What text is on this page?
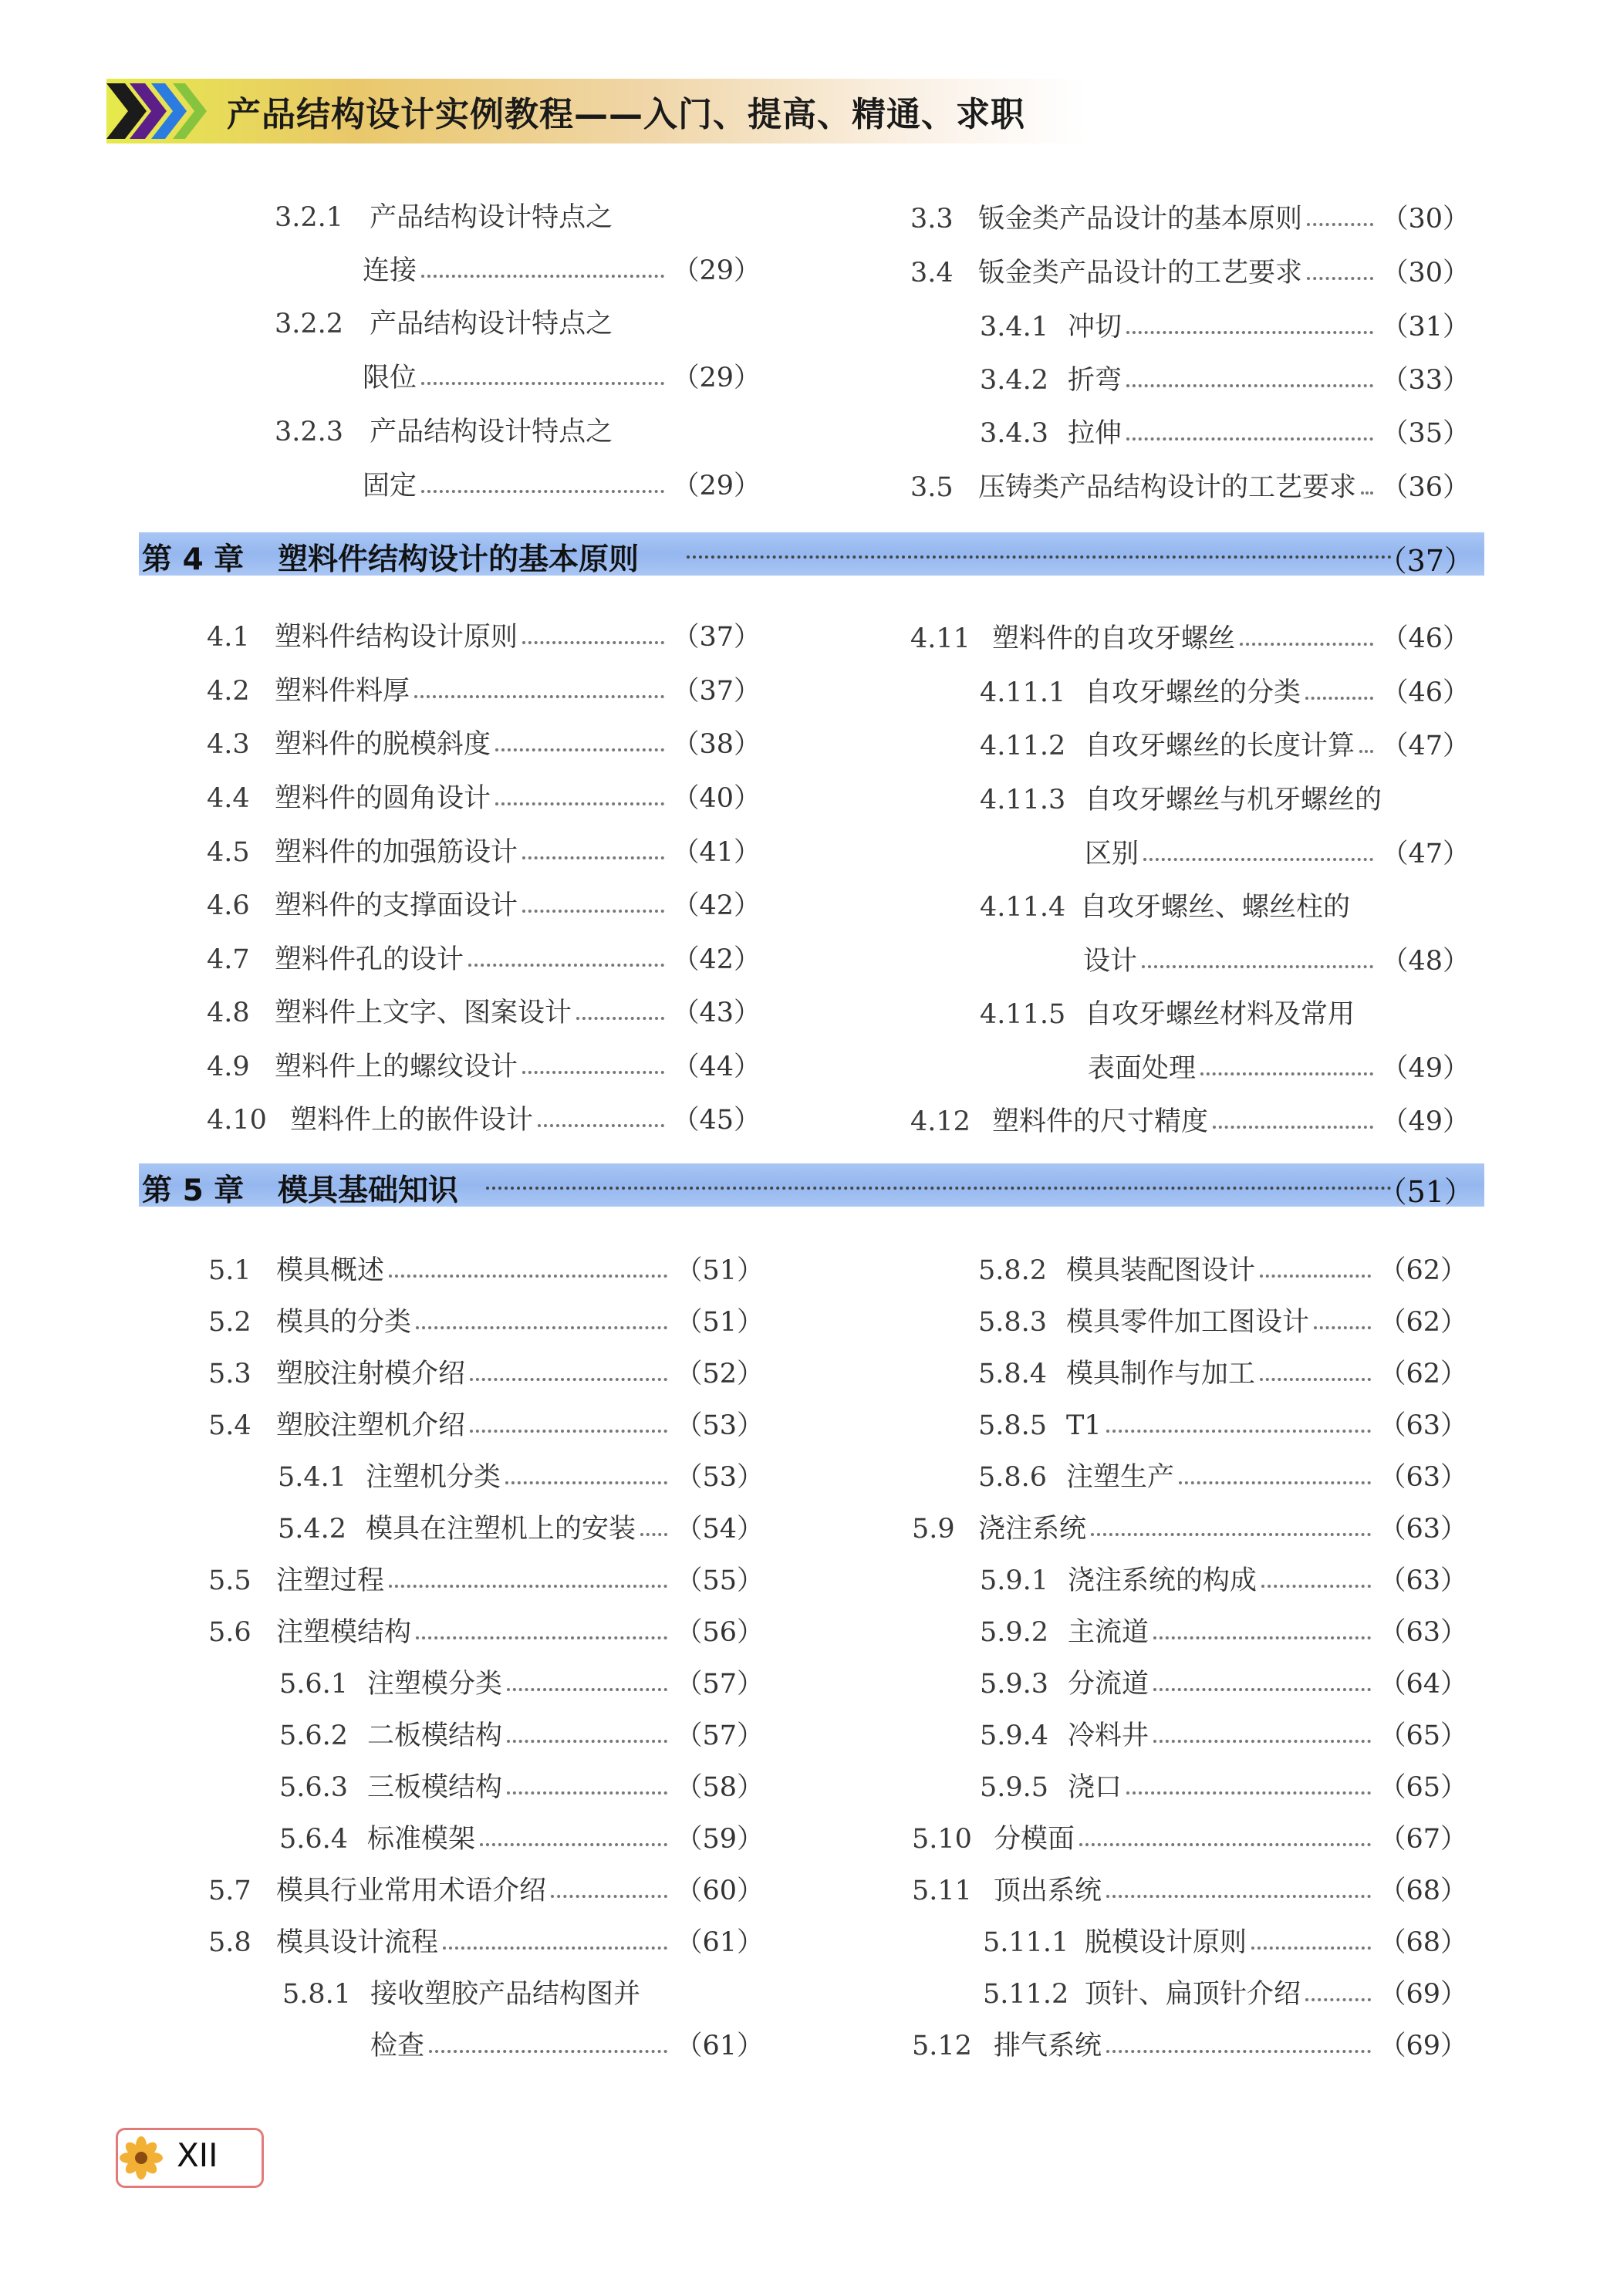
产品结构设计实例教程——入门、提高、精通、求职
3.2.1 产品结构设计特点之
连接	（29）
3.2.2 产品结构设计特点之
限位	（29）
3.2.3 产品结构设计特点之
固定	（29）
3.3 钣金类产品设计的基本原则	（30）
3.4 钣金类产品设计的工艺要求	（30）
3.4.1 冲切	（31）
3.4.2 折弯	（33）
3.4.3 拉伸	（35）
3.5 压铸类产品结构设计的工艺要求 （36）
第 4 章 塑料件结构设计的基本原则	（37）
4.1 塑料件结构设计原则	（37）
4.2 塑料件料厚	（37）
4.3 塑料件的脱模斜度	（38）
4.4 塑料件的圆角设计	（40）
4.5 塑料件的加强筋设计	（41）
4.6 塑料件的支撑面设计	（42）
4.7 塑料件孔的设计	（42）
4.8 塑料件上文字、图案设计	（43）
4.9 塑料件上的螺纹设计	（44）
4.10 塑料件上的嵌件设计	（45）
4.11 塑料件的自攻牙螺丝	（46）
4.11.1 自攻牙螺丝的分类	（46）
4.11.2 自攻牙螺丝的长度计算 （47）
4.11.3 自攻牙螺丝与机牙螺丝的
区别	（47）
4.11.4 自攻牙螺丝、螺丝柱的
设计	（48）
4.11.5 自攻牙螺丝材料及常用
表面处理	（49）
4.12 塑料件的尺寸精度	（49）
第 5 章 模具基础知识	（51）
5.1 模具概述	（51）
5.2 模具的分类	（51）
5.3 塑胶注射模介绍	（52）
5.4 塑胶注塑机介绍	（53）
5.4.1 注塑机分类	（53）
5.4.2 模具在注塑机上的安装 （54）
5.5 注塑过程	（55）
5.6 注塑模结构	（56）
5.6.1 注塑模分类	（57）
5.6.2 二板模结构	（57）
5.6.3 三板模结构	（58）
5.6.4 标准模架	（59）
5.7 模具行业常用术语介绍	（60）
5.8 模具设计流程	（61）
5.8.1 接收塑胶产品结构图并
检查	（61）
5.8.2 模具装配图设计	（62）
5.8.3 模具零件加工图设计	（62）
5.8.4 模具制作与加工	（62）
5.8.5 T1	（63）
5.8.6 注塑生产	（63）
5.9 浇注系统	（63）
5.9.1 浇注系统的构成	（63）
5.9.2 主流道	（63）
5.9.3 分流道	（64）
5.9.4 冷料井	（65）
5.9.5 浇口	（65）
5.10 分模面	（67）
5.11 顶出系统	（68）
5.11.1 脱模设计原则	（68）
5.11.2 顶针、扁顶针介绍	（69）
5.12 排气系统	（69）
XII
